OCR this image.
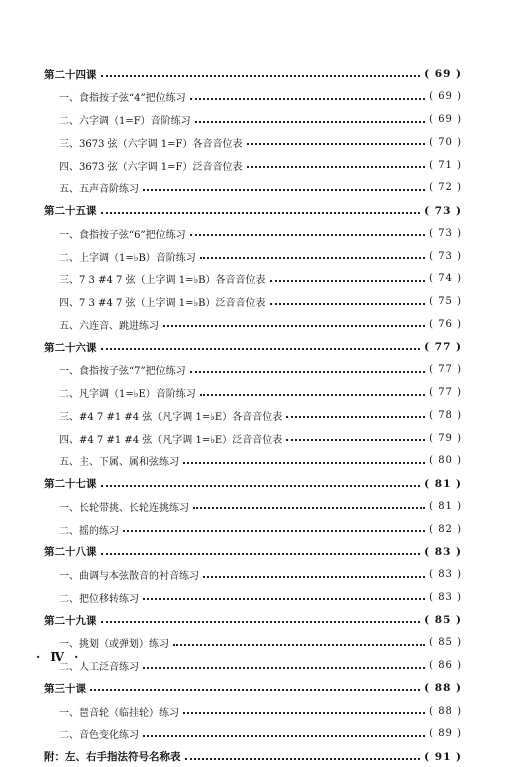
第二十四课	( 69 )
一、食指按子弦“4”把位练习	( 69 )
二、六字调（1=F）音阶练习	( 69 )
三、3673 弦（六字调 1=F）各音音位表	( 70 )
四、3673 弦（六字调 1=F）泛音音位表	( 71 )
五、五声音阶练习	( 72 )
第二十五课	( 73 )
一、食指按子弦“6”把位练习	( 73 )
二、上字调（1=♭B）音阶练习	( 73 )
三、7 3 #4 7 弦（上字调 1=♭B）各音音位表	( 74 )
四、7 3 #4 7 弦（上字调 1=♭B）泛音音位表	( 75 )
五、六连音、跳进练习	( 76 )
第二十六课	( 77 )
一、食指按子弦“7”把位练习	( 77 )
二、凡字调（1=♭E）音阶练习	( 77 )
三、#4 7 #1 #4 弦（凡字调 1=♭E）各音音位表	( 78 )
四、#4 7 #1 #4 弦（凡字调 1=♭E）泛音音位表	( 79 )
五、主、下属、属和弦练习	( 80 )
第二十七课	( 81 )
一、长轮带挑、长轮连挑练习	( 81 )
二、摇的练习	( 82 )
第二十八课	( 83 )
一、曲调与本弦散音的衬音练习	( 83 )
二、把位移转练习	( 83 )
第二十九课	( 85 )
一、挑划（或弹划）练习	( 85 )
二、人工泛音练习	( 86 )
第三十课	( 88 )
一、琶音轮（临挂轮）练习	( 88 )
二、音色变化练习	( 89 )
附：左、右手指法符号名称表	( 91 )
· Ⅳ ·
